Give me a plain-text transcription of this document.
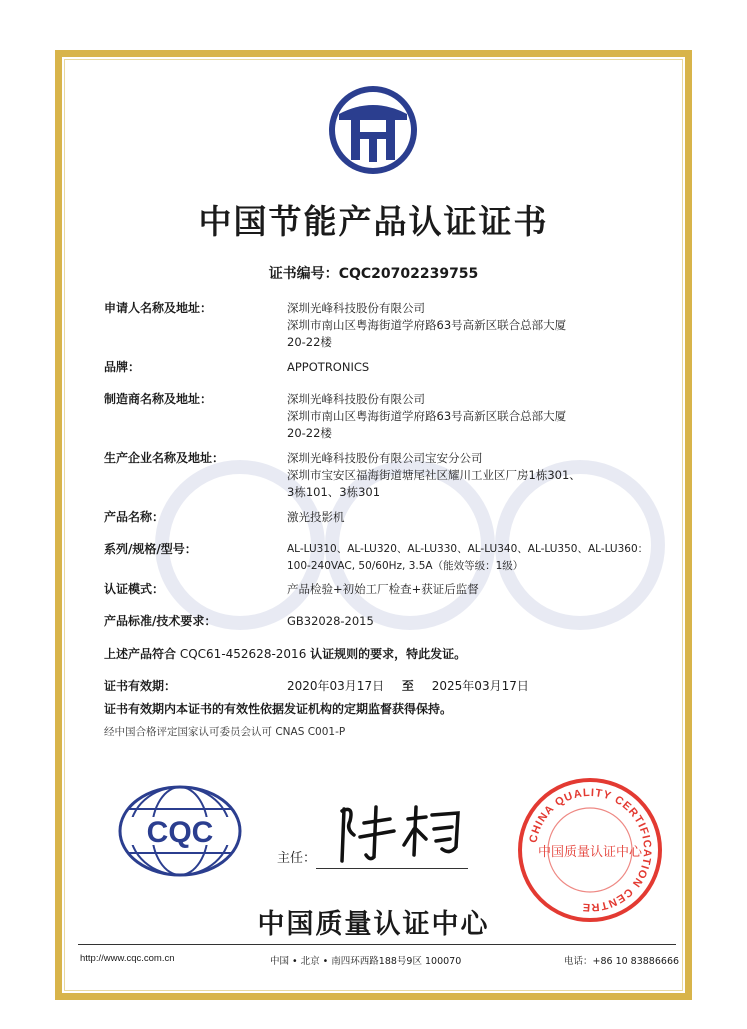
中国节能产品认证证书
证书编号：CQC20702239755
申请人名称及地址：	深圳光峰科技股份有限公司
深圳市南山区粤海街道学府路63号高新区联合总部大厦
20-22楼
品牌：	APPOTRONICS
制造商名称及地址：	深圳光峰科技股份有限公司
深圳市南山区粤海街道学府路63号高新区联合总部大厦
20-22楼
生产企业名称及地址：	深圳光峰科技股份有限公司宝安分公司
深圳市宝安区福海街道塘尾社区耀川工业区厂房1栋301、
3栋101、3栋301
产品名称：	激光投影机
系列/规格/型号：	AL-LU310、AL-LU320、AL-LU330、AL-LU340、AL-LU350、AL-LU360：
100-240VAC, 50/60Hz, 3.5A（能效等级：1级）
认证模式：	产品检验+初始工厂检查+获证后监督
产品标准/技术要求：	GB32028-2015
上述产品符合 CQC61-452628-2016 认证规则的要求，特此发证。
证书有效期：	2020年03月17日 至 2025年03月17日
证书有效期内本证书的有效性依据发证机构的定期监督获得保持。
经中国合格评定国家认可委员会认可 CNAS C001-P
CQC
主任：
CHINA QUALITY CERTIFICATION CENTRE
中国质量认证中心
中国质量认证中心
http://www.cqc.com.cn	中国 • 北京 • 南四环西路188号9区 100070	电话：+86 10 83886666
